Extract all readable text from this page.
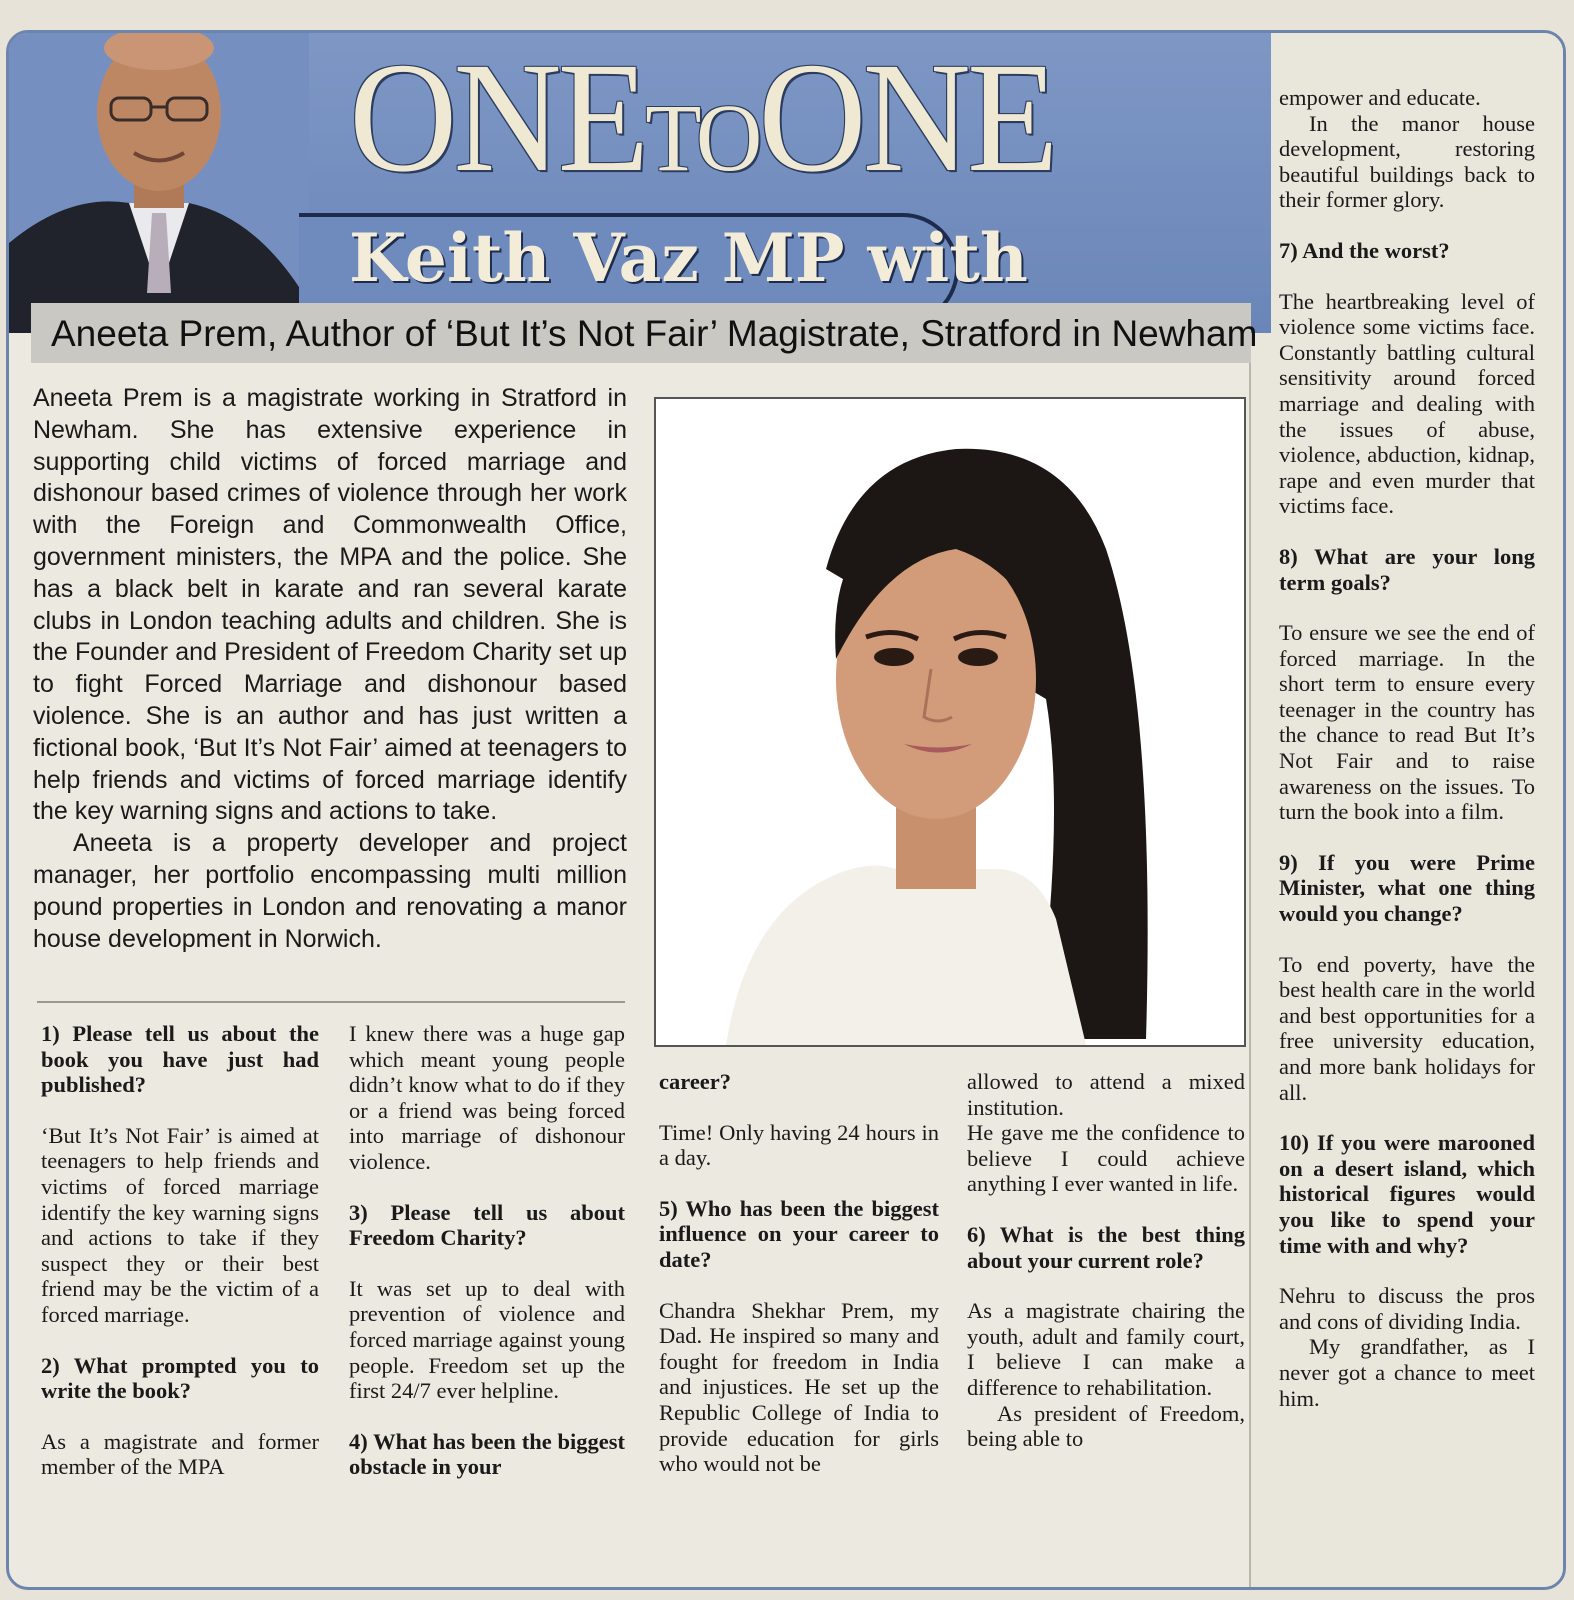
ONETOONE
Keith Vaz MP with
Aneeta Prem, Author of ‘But It’s Not Fair’ Magistrate, Stratford in Newham

Aneeta Prem is a magistrate working in Stratford in Newham. She has extensive experience in supporting child victims of forced marriage and dishonour based crimes of violence through her work with the Foreign and Commonwealth Office, government ministers, the MPA and the police. She has a black belt in karate and ran several karate clubs in London teaching adults and children. She is the Founder and President of Freedom Charity set up to fight Forced Marriage and dishonour based violence. She is an author and has just written a fictional book, ‘But It’s Not Fair’ aimed at teenagers to help friends and victims of forced marriage identify the key warning signs and actions to take.

Aneeta is a property developer and project manager, her portfolio encompassing multi million pound properties in London and renovating a manor house development in Norwich.

1) Please tell us about the book you have just had published?

‘But It’s Not Fair’ is aimed at teenagers to help friends and victims of forced marriage identify the key warning signs and actions to take if they suspect they or their best friend may be the victim of a forced marriage.

2) What prompted you to write the book?

As a magistrate and former member of the MPA

I knew there was a huge gap which meant young people didn’t know what to do if they or a friend was being forced into marriage of dishonour violence.

3) Please tell us about Freedom Charity?

It was set up to deal with prevention of violence and forced marriage against young people. Freedom set up the first 24/7 ever helpline.

4) What has been the biggest obstacle in your

career?

Time! Only having 24 hours in a day.

5) Who has been the biggest influence on your career to date?

Chandra Shekhar Prem, my Dad. He inspired so many and fought for freedom in India and injustices. He set up the Republic College of India to provide education for girls who would not be

allowed to attend a mixed institution.

He gave me the confidence to believe I could achieve anything I ever wanted in life.

6) What is the best thing about your current role?

As a magistrate chairing the youth, adult and family court, I believe I can make a difference to rehabilitation.

As president of Freedom, being able to

empower and educate.

In the manor house development, restoring beautiful buildings back to their former glory.

7) And the worst?

The heartbreaking level of violence some victims face. Constantly battling cultural sensitivity around forced marriage and dealing with the issues of abuse, violence, abduction, kidnap, rape and even murder that victims face.

8) What are your long term goals?

To ensure we see the end of forced marriage. In the short term to ensure every teenager in the country has the chance to read But It’s Not Fair and to raise awareness on the issues. To turn the book into a film.

9) If you were Prime Minister, what one thing would you change?

To end poverty, have the best health care in the world and best opportunities for a free university education, and more bank holidays for all.

10) If you were marooned on a desert island, which historical figures would you like to spend your time with and why?

Nehru to discuss the pros and cons of dividing India.

My grandfather, as I never got a chance to meet him.
